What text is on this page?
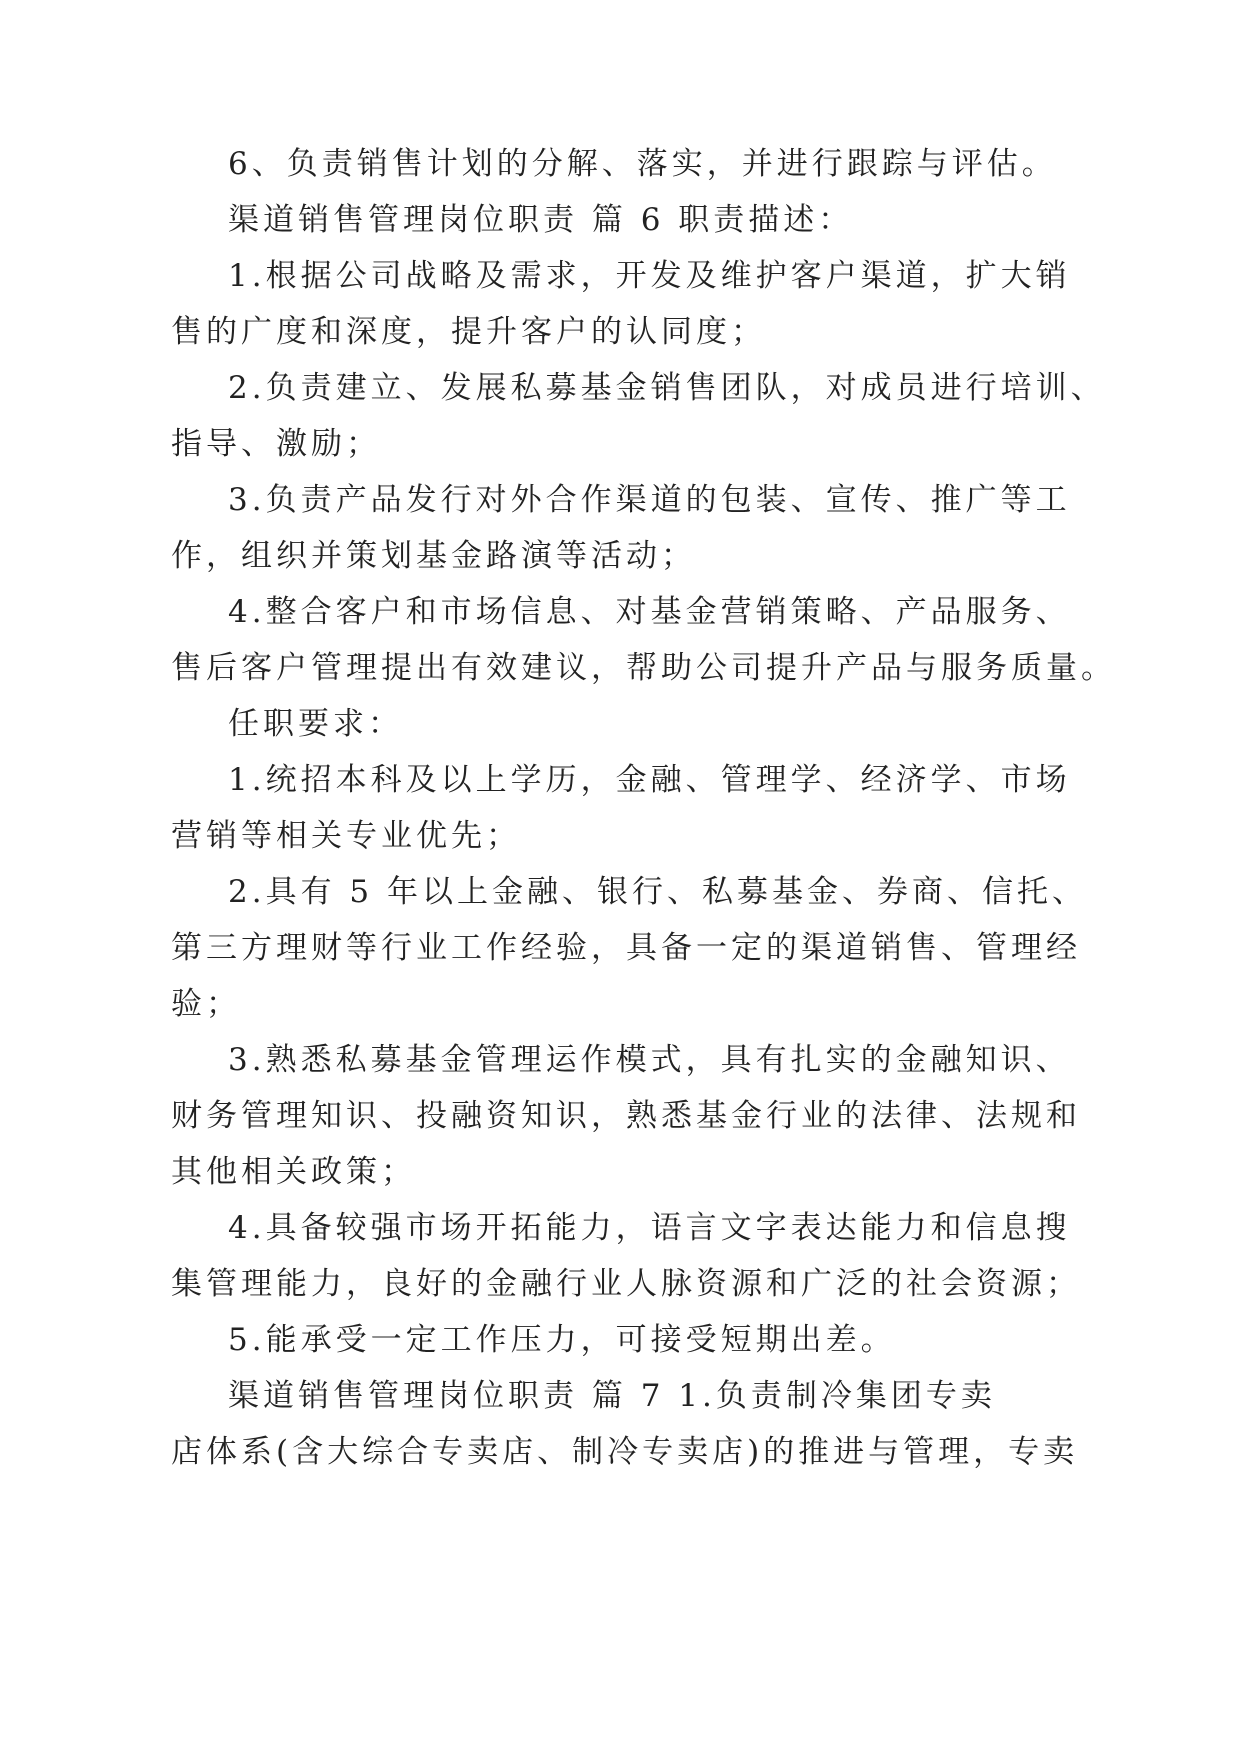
6、负责销售计划的分解、落实，并进行跟踪与评估。
渠道销售管理岗位职责 篇 6 职责描述：
1.根据公司战略及需求，开发及维护客户渠道，扩大销
售的广度和深度，提升客户的认同度；
2.负责建立、发展私募基金销售团队，对成员进行培训、
指导、激励；
3.负责产品发行对外合作渠道的包装、宣传、推广等工
作，组织并策划基金路演等活动；
4.整合客户和市场信息、对基金营销策略、产品服务、
售后客户管理提出有效建议，帮助公司提升产品与服务质量。
任职要求：
1.统招本科及以上学历，金融、管理学、经济学、市场
营销等相关专业优先；
2.具有 5 年以上金融、银行、私募基金、券商、信托、
第三方理财等行业工作经验，具备一定的渠道销售、管理经
验；
3.熟悉私募基金管理运作模式，具有扎实的金融知识、
财务管理知识、投融资知识，熟悉基金行业的法律、法规和
其他相关政策；
4.具备较强市场开拓能力，语言文字表达能力和信息搜
集管理能力，良好的金融行业人脉资源和广泛的社会资源；
5.能承受一定工作压力，可接受短期出差。
渠道销售管理岗位职责 篇 7 1.负责制冷集团专卖
店体系(含大综合专卖店、制冷专卖店)的推进与管理，专卖
